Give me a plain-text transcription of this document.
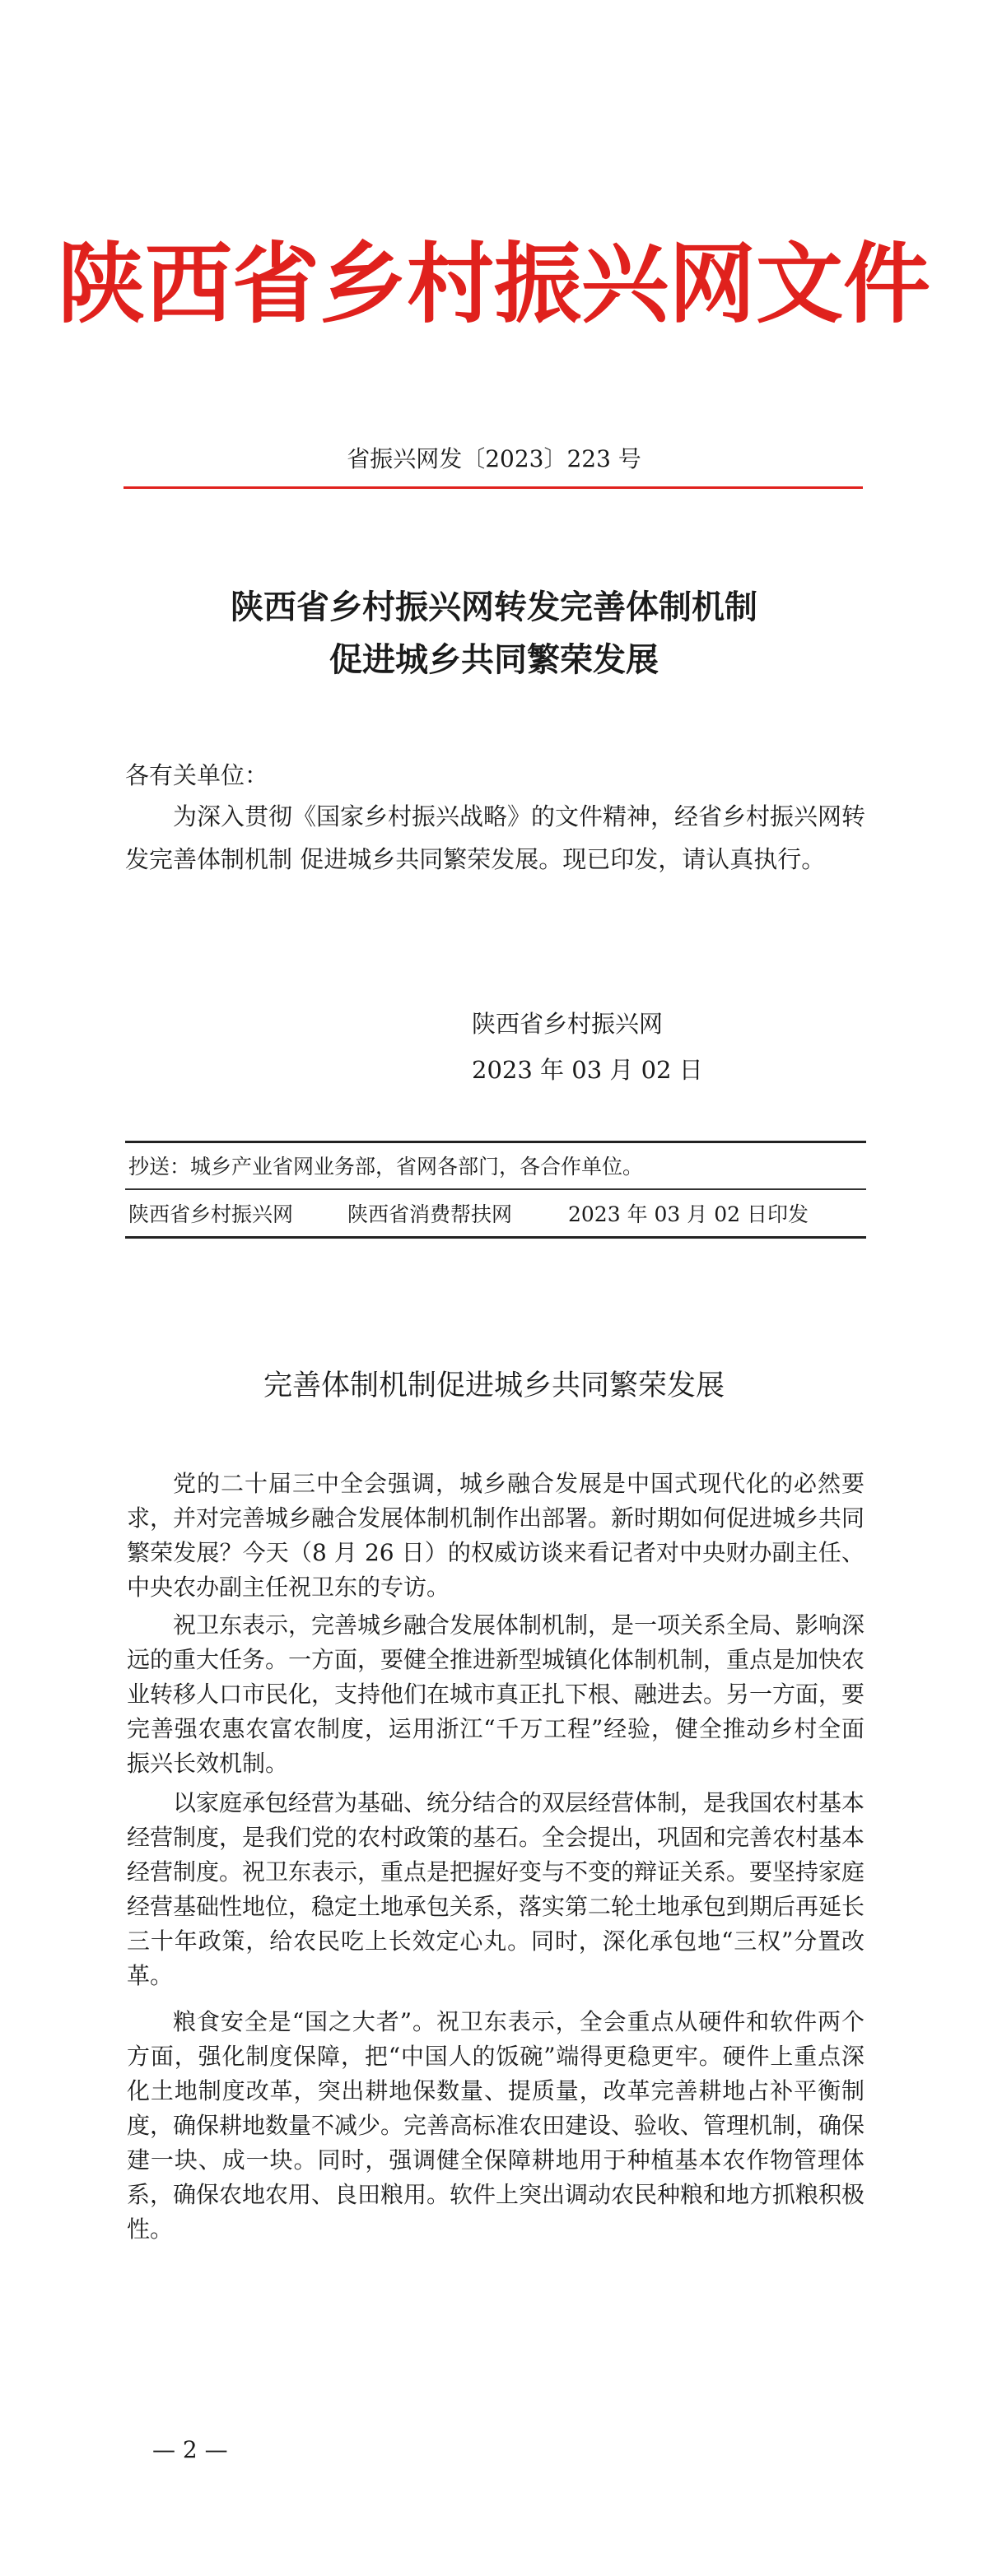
陕西省乡村振兴网文件
省振兴网发〔2023〕223 号
陕西省乡村振兴网转发完善体制机制
促进城乡共同繁荣发展
各有关单位：
为深入贯彻《国家乡村振兴战略》的文件精神，经省乡村振兴网转发完善体制机制 促进城乡共同繁荣发展。现已印发，请认真执行。
陕西省乡村振兴网
2023 年 03 月 02 日
抄送：城乡产业省网业务部，省网各部门，各合作单位。
陕西省乡村振兴网	陕西省消费帮扶网	2023 年 03 月 02 日印发
完善体制机制促进城乡共同繁荣发展
党的二十届三中全会强调，城乡融合发展是中国式现代化的必然要求，并对完善城乡融合发展体制机制作出部署。新时期如何促进城乡共同繁荣发展？今天（8 月 26 日）的权威访谈来看记者对中央财办副主任、中央农办副主任祝卫东的专访。
祝卫东表示，完善城乡融合发展体制机制，是一项关系全局、影响深远的重大任务。一方面，要健全推进新型城镇化体制机制，重点是加快农业转移人口市民化，支持他们在城市真正扎下根、融进去。另一方面，要完善强农惠农富农制度，运用浙江“千万工程”经验，健全推动乡村全面振兴长效机制。
以家庭承包经营为基础、统分结合的双层经营体制，是我国农村基本经营制度，是我们党的农村政策的基石。全会提出，巩固和完善农村基本经营制度。祝卫东表示，重点是把握好变与不变的辩证关系。要坚持家庭经营基础性地位，稳定土地承包关系，落实第二轮土地承包到期后再延长三十年政策，给农民吃上长效定心丸。同时，深化承包地“三权”分置改革。
粮食安全是“国之大者”。祝卫东表示，全会重点从硬件和软件两个方面，强化制度保障，把“中国人的饭碗”端得更稳更牢。硬件上重点深化土地制度改革，突出耕地保数量、提质量，改革完善耕地占补平衡制度，确保耕地数量不减少。完善高标准农田建设、验收、管理机制，确保建一块、成一块。同时，强调健全保障耕地用于种植基本农作物管理体系，确保农地农用、良田粮用。软件上突出调动农民种粮和地方抓粮积极性。
— 2 —
